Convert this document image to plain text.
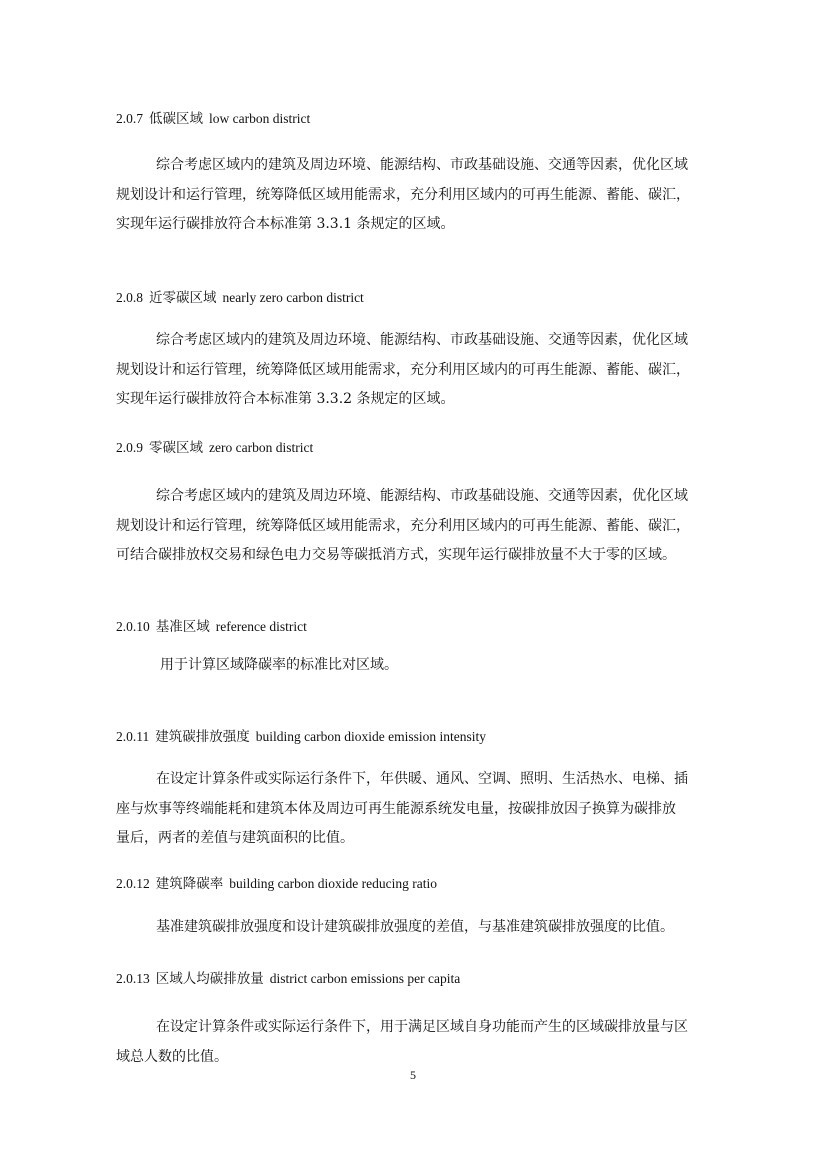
2.0.7 低碳区域 low carbon district
综合考虑区域内的建筑及周边环境、能源结构、市政基础设施、交通等因素，优化区域
规划设计和运行管理，统筹降低区域用能需求，充分利用区域内的可再生能源、蓄能、碳汇，
实现年运行碳排放符合本标准第 3.3.1 条规定的区域。
2.0.8 近零碳区域 nearly zero carbon district
综合考虑区域内的建筑及周边环境、能源结构、市政基础设施、交通等因素，优化区域
规划设计和运行管理，统筹降低区域用能需求，充分利用区域内的可再生能源、蓄能、碳汇，
实现年运行碳排放符合本标准第 3.3.2 条规定的区域。
2.0.9 零碳区域 zero carbon district
综合考虑区域内的建筑及周边环境、能源结构、市政基础设施、交通等因素，优化区域
规划设计和运行管理，统筹降低区域用能需求，充分利用区域内的可再生能源、蓄能、碳汇，
可结合碳排放权交易和绿色电力交易等碳抵消方式，实现年运行碳排放量不大于零的区域。
2.0.10 基准区域 reference district
用于计算区域降碳率的标准比对区域。
2.0.11 建筑碳排放强度 building carbon dioxide emission intensity
在设定计算条件或实际运行条件下，年供暖、通风、空调、照明、生活热水、电梯、插
座与炊事等终端能耗和建筑本体及周边可再生能源系统发电量，按碳排放因子换算为碳排放
量后，两者的差值与建筑面积的比值。
2.0.12 建筑降碳率 building carbon dioxide reducing ratio
基准建筑碳排放强度和设计建筑碳排放强度的差值，与基准建筑碳排放强度的比值。
2.0.13 区域人均碳排放量 district carbon emissions per capita
在设定计算条件或实际运行条件下，用于满足区域自身功能而产生的区域碳排放量与区
域总人数的比值。
5
